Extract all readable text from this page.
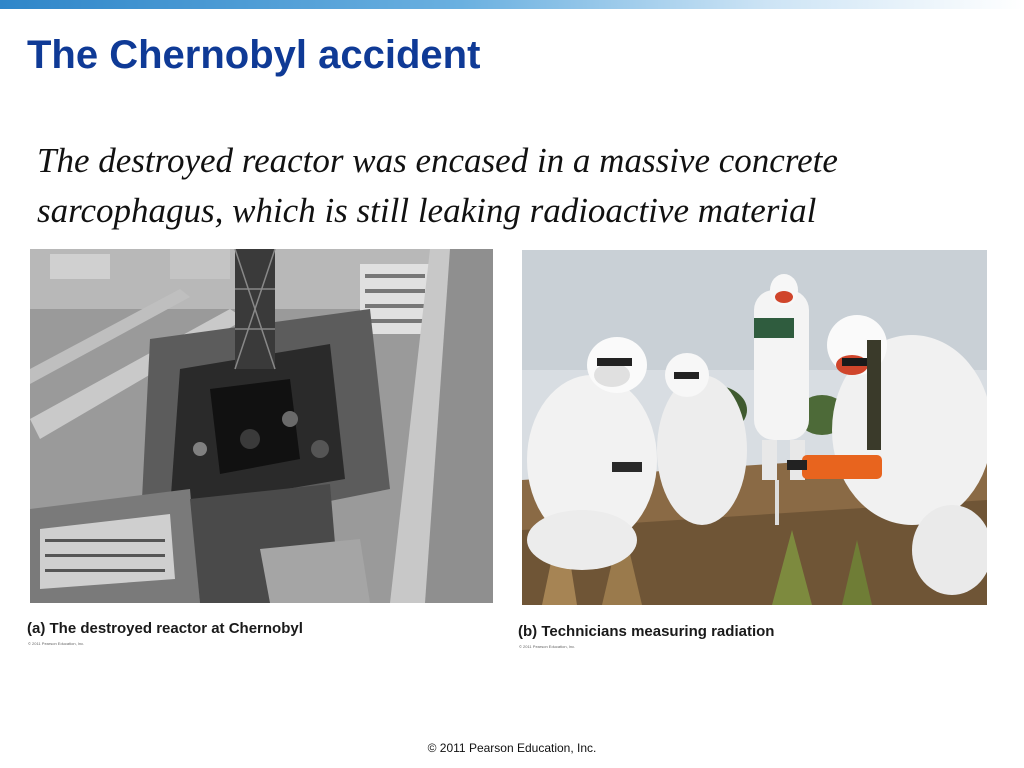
The Chernobyl accident
The destroyed reactor was encased in a massive concrete
sarcophagus, which is still leaking radioactive material
(a) The destroyed reactor at Chernobyl
© 2011 Pearson Education, Inc.
(b) Technicians measuring radiation
© 2011 Pearson Education, Inc.
© 2011 Pearson Education, Inc.
